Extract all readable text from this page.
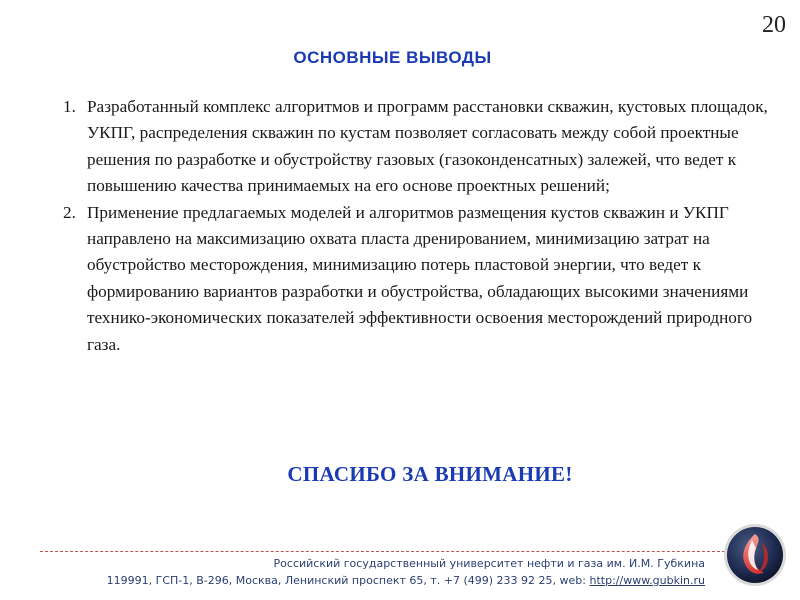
20
ОСНОВНЫЕ ВЫВОДЫ
1. Разработанный комплекс алгоритмов и программ расстановки скважин, кустовых площадок, УКПГ, распределения скважин по кустам позволяет согласовать между собой проектные решения по разработке и обустройству газовых (газоконденсатных) залежей, что ведет к повышению качества принимаемых на его основе проектных решений;
2. Применение предлагаемых моделей и алгоритмов размещения кустов скважин и УКПГ направлено на максимизацию охвата пласта дренированием, минимизацию затрат на обустройство месторождения, минимизацию потерь пластовой энергии, что ведет к формированию вариантов разработки и обустройства, обладающих высокими значениями технико-экономических показателей эффективности освоения месторождений природного газа.
СПАСИБО ЗА ВНИМАНИЕ!
Российский государственный университет нефти и газа им. И.М. Губкина
119991, ГСП-1, В-296, Москва, Ленинский проспект 65, т. +7 (499) 233 92 25, web: http://www.gubkin.ru
